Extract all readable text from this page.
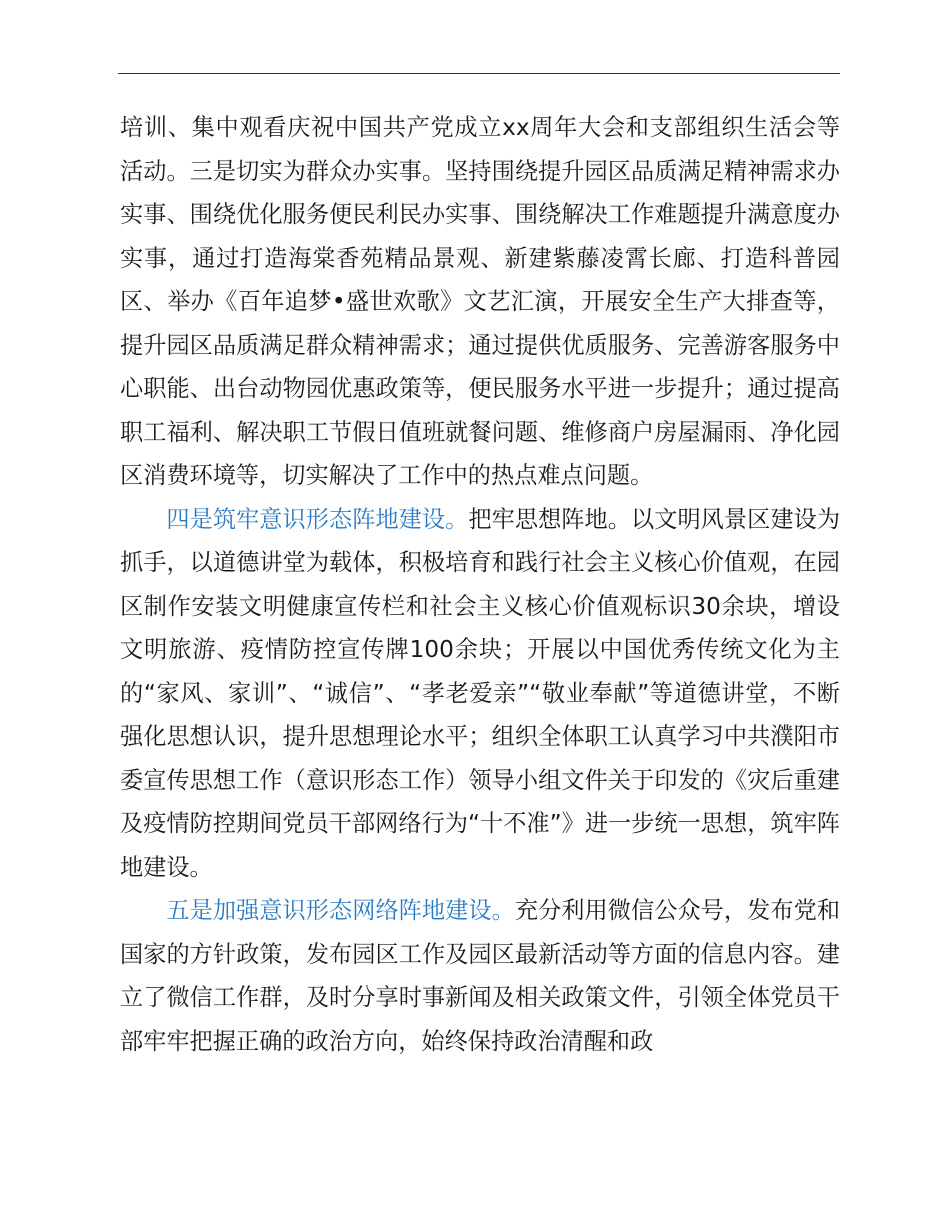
培训、集中观看庆祝中国共产党成立xx周年大会和支部组织生活会等活动。三是切实为群众办实事。坚持围绕提升园区品质满足精神需求办实事、围绕优化服务便民利民办实事、围绕解决工作难题提升满意度办实事，通过打造海棠香苑精品景观、新建紫藤凌霄长廊、打造科普园区、举办《百年追梦•盛世欢歌》文艺汇演，开展安全生产大排查等，提升园区品质满足群众精神需求；通过提供优质服务、完善游客服务中心职能、出台动物园优惠政策等，便民服务水平进一步提升；通过提高职工福利、解决职工节假日值班就餐问题、维修商户房屋漏雨、净化园区消费环境等，切实解决了工作中的热点难点问题。

四是筑牢意识形态阵地建设。把牢思想阵地。以文明风景区建设为抓手，以道德讲堂为载体，积极培育和践行社会主义核心价值观，在园区制作安装文明健康宣传栏和社会主义核心价值观标识30余块，增设文明旅游、疫情防控宣传牌100余块；开展以中国优秀传统文化为主的“家风、家训”、“诚信”、“孝老爱亲”“敬业奉献”等道德讲堂，不断强化思想认识，提升思想理论水平；组织全体职工认真学习中共濮阳市委宣传思想工作（意识形态工作）领导小组文件关于印发的《灾后重建及疫情防控期间党员干部网络行为“十不准”》进一步统一思想，筑牢阵地建设。

五是加强意识形态网络阵地建设。充分利用微信公众号，发布党和国家的方针政策，发布园区工作及园区最新活动等方面的信息内容。建立了微信工作群，及时分享时事新闻及相关政策文件，引领全体党员干部牢牢把握正确的政治方向，始终保持政治清醒和政
